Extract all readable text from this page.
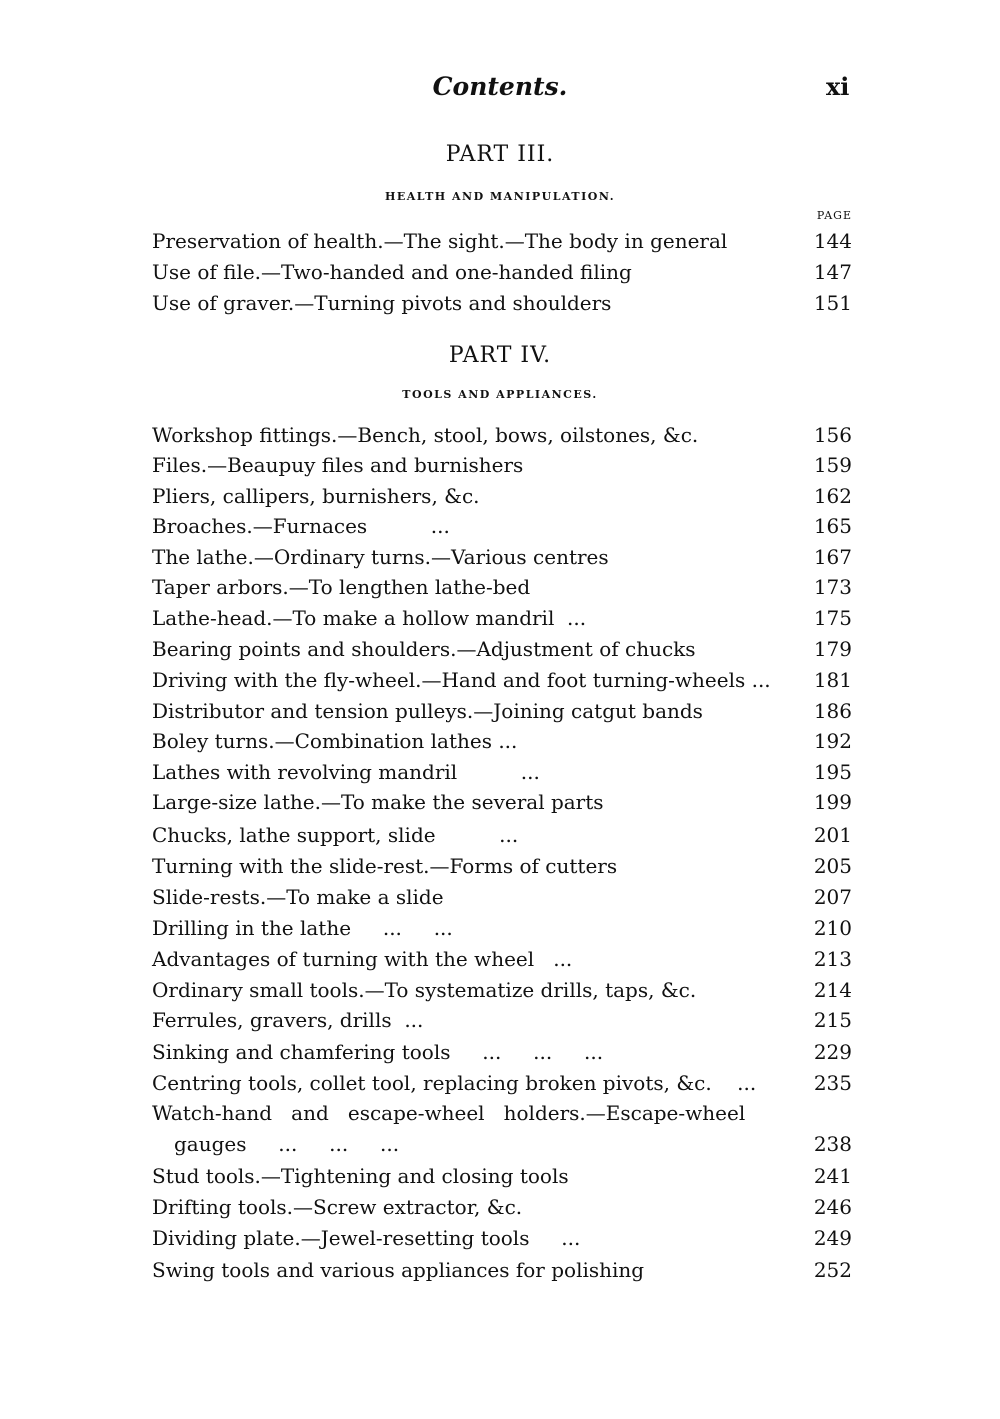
Contents.	xi
PART III.
HEALTH AND MANIPULATION.
PAGE
Preservation of health.—The sight.—The body in general	144
Use of file.—Two-handed and one-handed filing	147
Use of graver.—Turning pivots and shoulders	151
PART IV.
TOOLS AND APPLIANCES.
Workshop fittings.—Bench, stool, bows, oilstones, &c.	156
Files.—Beaupuy files and burnishers	159
Pliers, callipers, burnishers, &c.	162
Broaches.—Furnaces          ...	165
The lathe.—Ordinary turns.—Various centres	167
Taper arbors.—To lengthen lathe-bed	173
Lathe-head.—To make a hollow mandril  ...	175
Bearing points and shoulders.—Adjustment of chucks	179
Driving with the fly-wheel.—Hand and foot turning-wheels ...	181
Distributor and tension pulleys.—Joining catgut bands	186
Boley turns.—Combination lathes ...	192
Lathes with revolving mandril          ...	195
Large-size lathe.—To make the several parts	199
Chucks, lathe support, slide          ...	201
Turning with the slide-rest.—Forms of cutters	205
Slide-rests.—To make a slide	207
Drilling in the lathe     ...     ...	210
Advantages of turning with the wheel   ...	213
Ordinary small tools.—To systematize drills, taps, &c.	214
Ferrules, gravers, drills  ...	215
Sinking and chamfering tools     ...     ...     ...	229
Centring tools, collet tool, replacing broken pivots, &c.    ...	235
Watch-hand   and   escape-wheel   holders.—Escape-wheel
gauges     ...     ...     ...	238
Stud tools.—Tightening and closing tools	241
Drifting tools.—Screw extractor, &c.	246
Dividing plate.—Jewel-resetting tools     ...	249
Swing tools and various appliances for polishing	252
